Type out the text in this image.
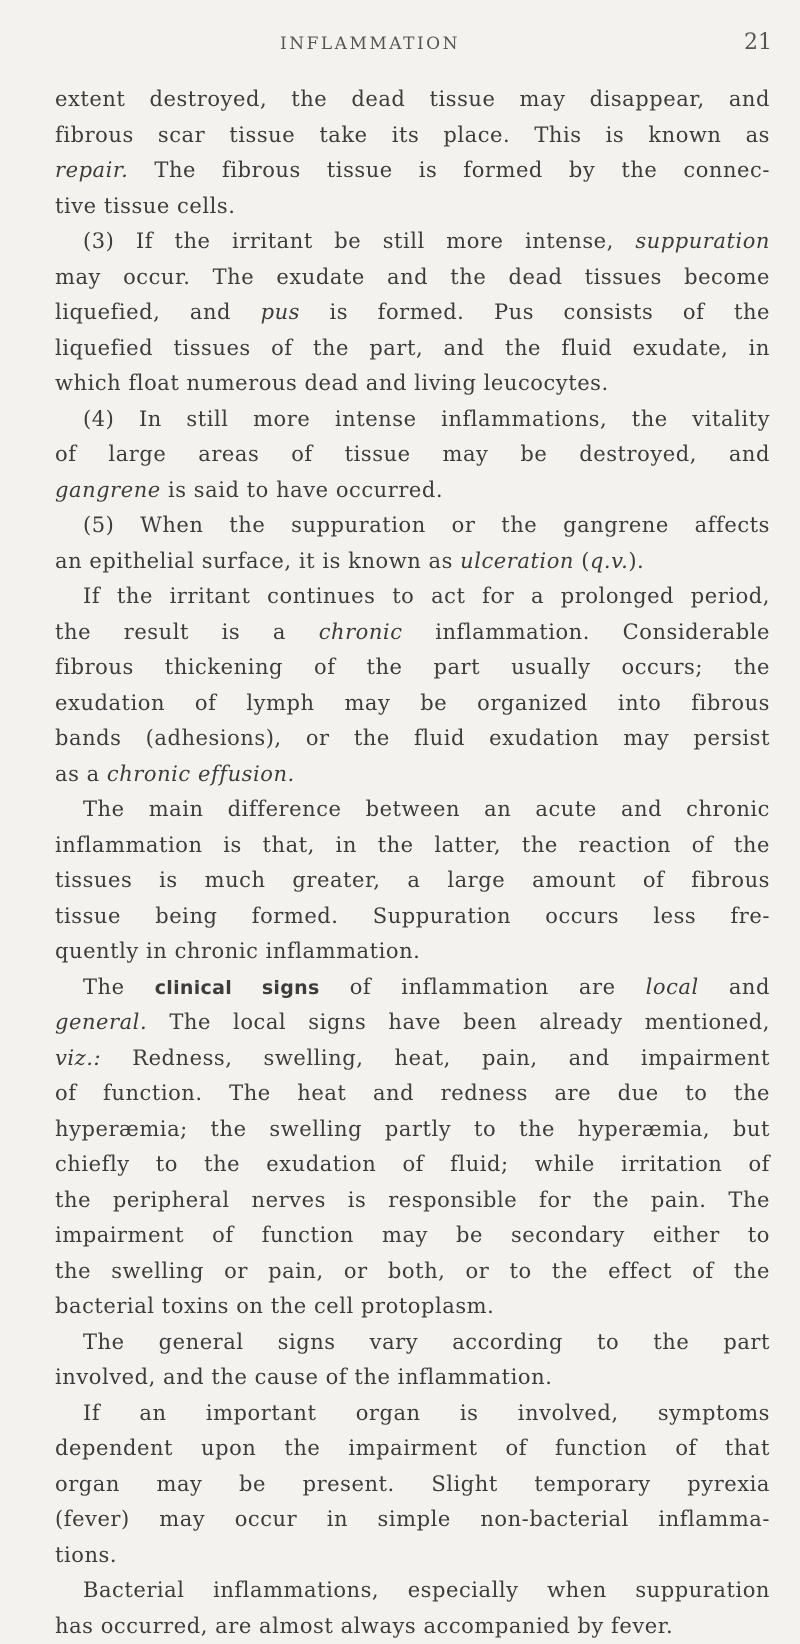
INFLAMMATION	21
extent destroyed, the dead tissue may disappear, and
fibrous scar tissue take its place. This is known as
repair. The fibrous tissue is formed by the connec-
tive tissue cells.
(3) If the irritant be still more intense, suppuration
may occur. The exudate and the dead tissues become
liquefied, and pus is formed. Pus consists of the
liquefied tissues of the part, and the fluid exudate, in
which float numerous dead and living leucocytes.
(4) In still more intense inflammations, the vitality
of large areas of tissue may be destroyed, and
gangrene is said to have occurred.
(5) When the suppuration or the gangrene affects
an epithelial surface, it is known as ulceration (q.v.).
If the irritant continues to act for a prolonged period,
the result is a chronic inflammation. Considerable
fibrous thickening of the part usually occurs; the
exudation of lymph may be organized into fibrous
bands (adhesions), or the fluid exudation may persist
as a chronic effusion.
The main difference between an acute and chronic
inflammation is that, in the latter, the reaction of the
tissues is much greater, a large amount of fibrous
tissue being formed. Suppuration occurs less fre-
quently in chronic inflammation.
The clinical signs of inflammation are local and
general. The local signs have been already mentioned,
viz.: Redness, swelling, heat, pain, and impairment
of function. The heat and redness are due to the
hyperæmia; the swelling partly to the hyperæmia, but
chiefly to the exudation of fluid; while irritation of
the peripheral nerves is responsible for the pain. The
impairment of function may be secondary either to
the swelling or pain, or both, or to the effect of the
bacterial toxins on the cell protoplasm.
The general signs vary according to the part
involved, and the cause of the inflammation.
If an important organ is involved, symptoms
dependent upon the impairment of function of that
organ may be present. Slight temporary pyrexia
(fever) may occur in simple non-bacterial inflamma-
tions.
Bacterial inflammations, especially when suppuration
has occurred, are almost always accompanied by fever.
